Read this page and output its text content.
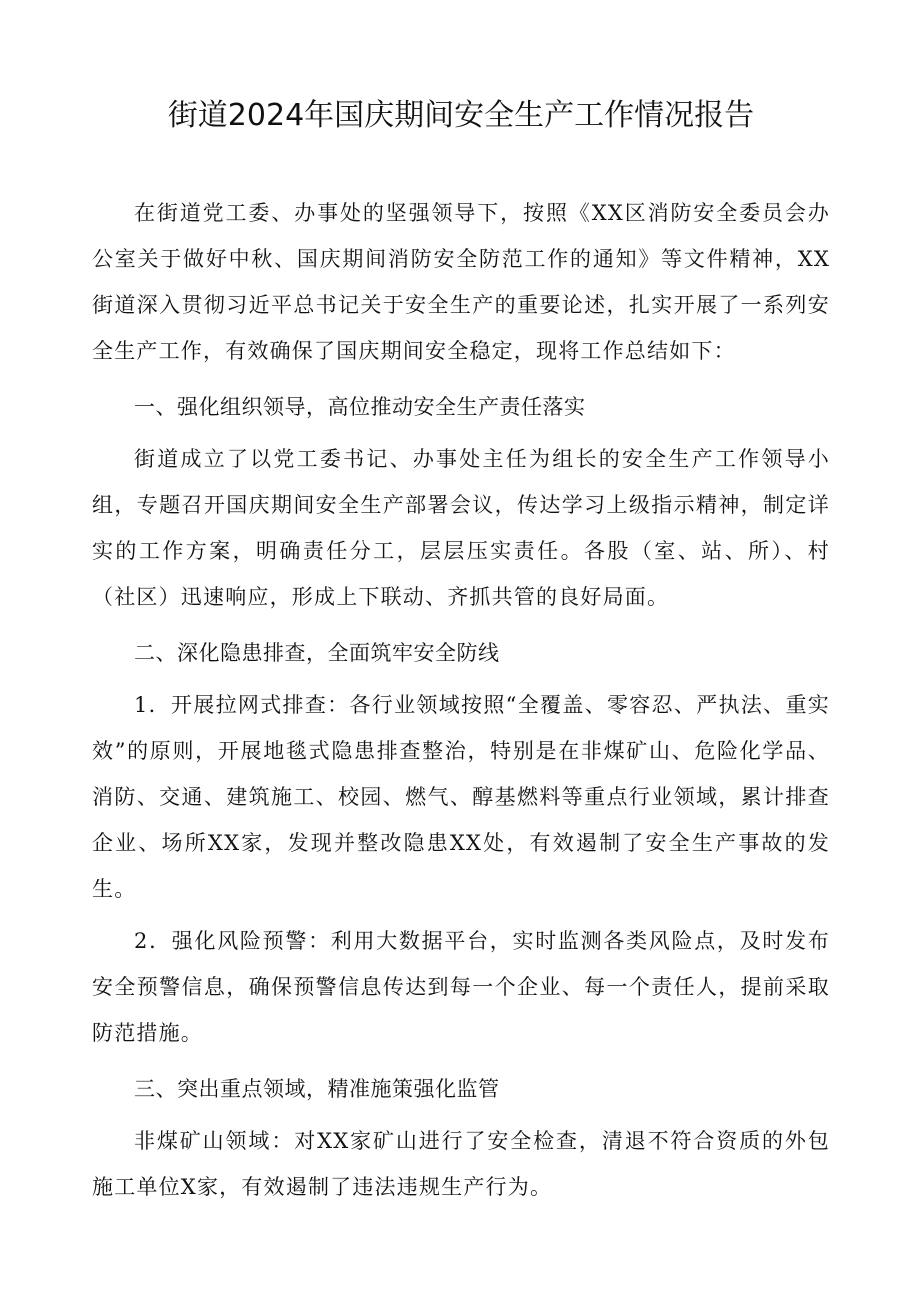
街道2024年国庆期间安全生产工作情况报告

在街道党工委、办事处的坚强领导下，按照《XX区消防安全委员会办公室关于做好中秋、国庆期间消防安全防范工作的通知》等文件精神，XX街道深入贯彻习近平总书记关于安全生产的重要论述，扎实开展了一系列安全生产工作，有效确保了国庆期间安全稳定，现将工作总结如下：

一、强化组织领导，高位推动安全生产责任落实

街道成立了以党工委书记、办事处主任为组长的安全生产工作领导小组，专题召开国庆期间安全生产部署会议，传达学习上级指示精神，制定详实的工作方案，明确责任分工，层层压实责任。各股（室、站、所）、村（社区）迅速响应，形成上下联动、齐抓共管的良好局面。

二、深化隐患排查，全面筑牢安全防线

1．开展拉网式排查：各行业领域按照“全覆盖、零容忍、严执法、重实效”的原则，开展地毯式隐患排查整治，特别是在非煤矿山、危险化学品、消防、交通、建筑施工、校园、燃气、醇基燃料等重点行业领域，累计排查企业、场所XX家，发现并整改隐患XX处，有效遏制了安全生产事故的发生。

2．强化风险预警：利用大数据平台，实时监测各类风险点，及时发布安全预警信息，确保预警信息传达到每一个企业、每一个责任人，提前采取防范措施。

三、突出重点领域，精准施策强化监管

非煤矿山领域：对XX家矿山进行了安全检查，清退不符合资质的外包施工单位X家，有效遏制了违法违规生产行为。
